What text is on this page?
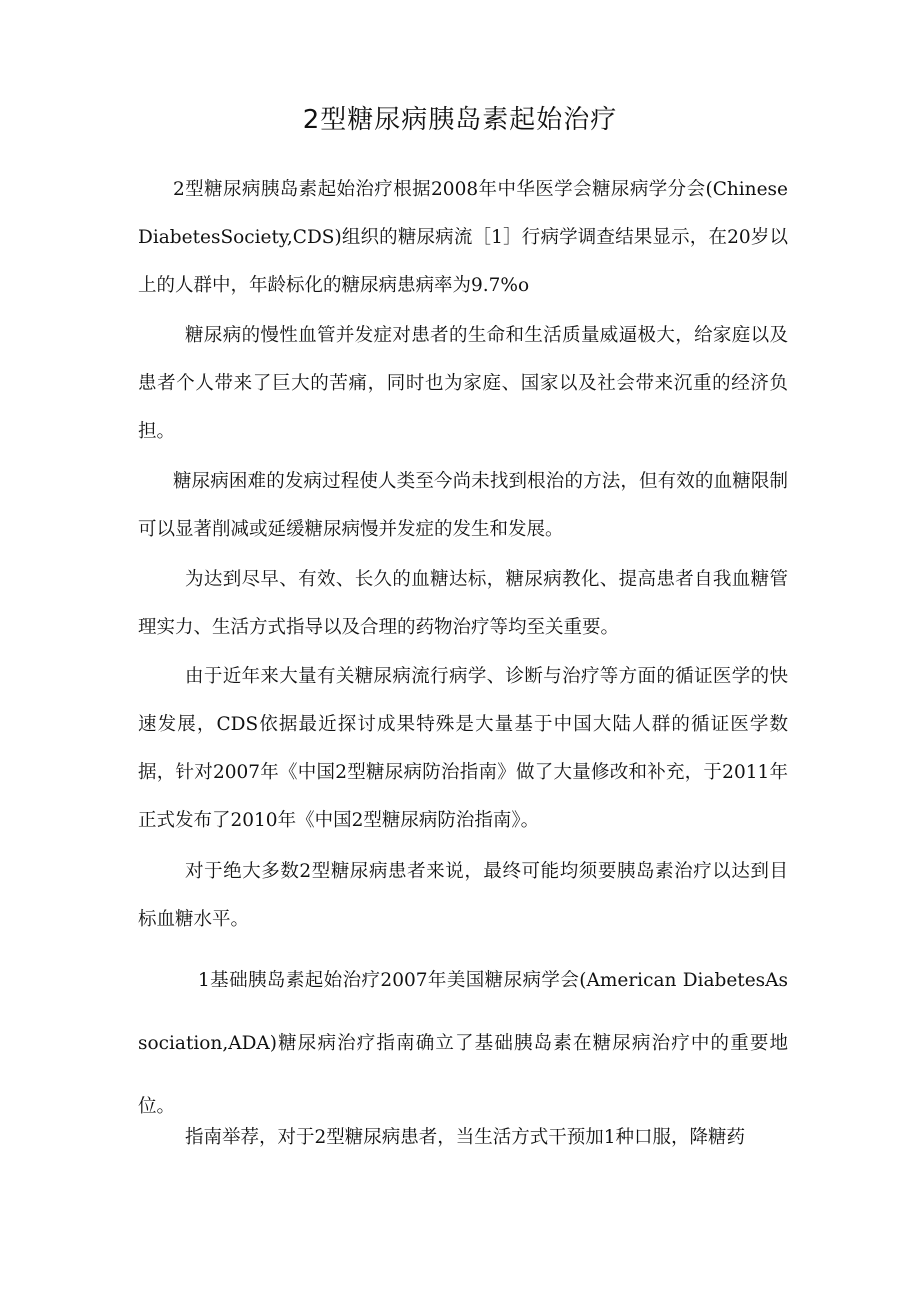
2型糖尿病胰岛素起始治疗

2型糖尿病胰岛素起始治疗根据2008年中华医学会糖尿病学分会(ChineseDiabetesSociety,CDS)组织的糖尿病流［1］行病学调查结果显示，在20岁以上的人群中，年龄标化的糖尿病患病率为9.7%o

糖尿病的慢性血管并发症对患者的生命和生活质量威逼极大，给家庭以及患者个人带来了巨大的苦痛，同时也为家庭、国家以及社会带来沉重的经济负担。

糖尿病困难的发病过程使人类至今尚未找到根治的方法，但有效的血糖限制可以显著削减或延缓糖尿病慢并发症的发生和发展。

为达到尽早、有效、长久的血糖达标，糖尿病教化、提高患者自我血糖管理实力、生活方式指导以及合理的药物治疗等均至关重要。

由于近年来大量有关糖尿病流行病学、诊断与治疗等方面的循证医学的快速发展，CDS依据最近探讨成果特殊是大量基于中国大陆人群的循证医学数据，针对2007年《中国2型糖尿病防治指南》做了大量修改和补充，于2011年正式发布了2010年《中国2型糖尿病防治指南》。

对于绝大多数2型糖尿病患者来说，最终可能均须要胰岛素治疗以达到目标血糖水平。

1基础胰岛素起始治疗2007年美国糖尿病学会(American DiabetesAssociation,ADA)糖尿病治疗指南确立了基础胰岛素在糖尿病治疗中的重要地位。

指南举荐，对于2型糖尿病患者，当生活方式干预加1种口服，降糖药
